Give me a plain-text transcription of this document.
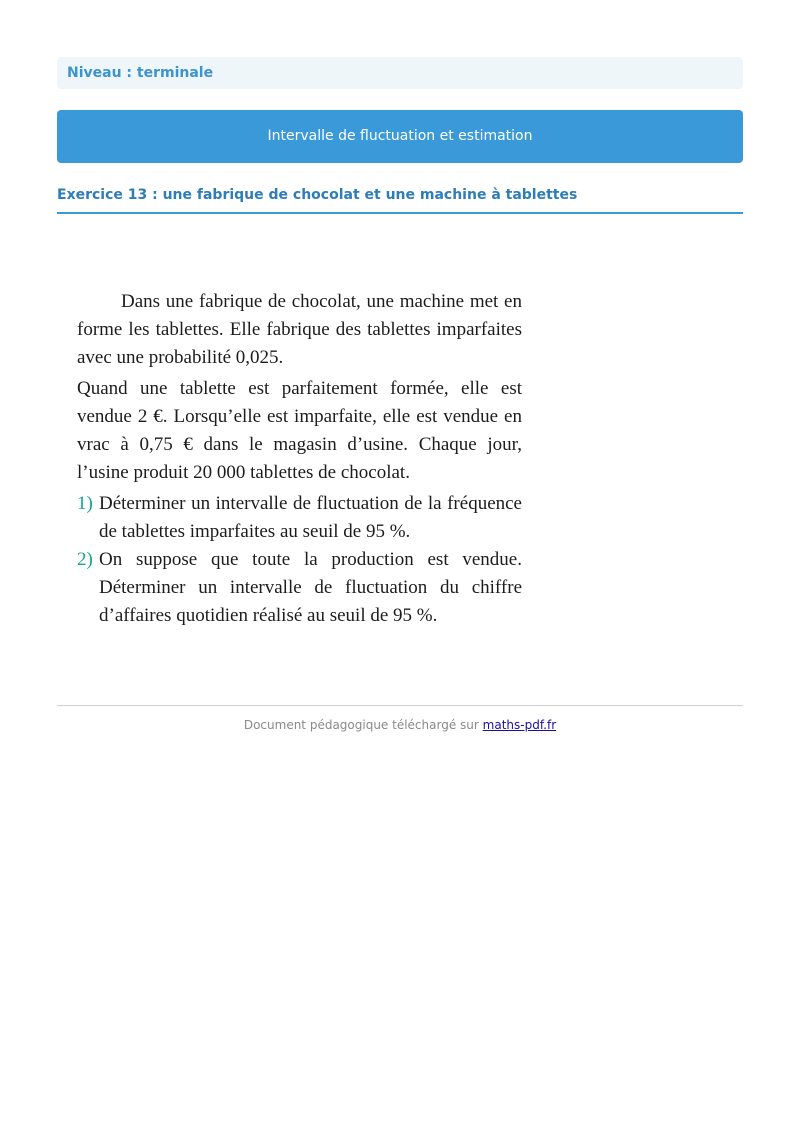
Niveau : terminale
Intervalle de fluctuation et estimation
Exercice 13 : une fabrique de chocolat et une machine à tablettes

Dans une fabrique de chocolat, une machine met en forme les tablettes. Elle fabrique des tablettes imparfaites avec une probabilité 0,025.

Quand une tablette est parfaitement formée, elle est vendue 2 €. Lorsqu’elle est imparfaite, elle est vendue en vrac à 0,75 € dans le magasin d’usine. Chaque jour, l’usine produit 20 000 tablettes de chocolat.

1) Déterminer un intervalle de fluctuation de la fréquence de tablettes imparfaites au seuil de 95 %.
2) On suppose que toute la production est vendue. Déterminer un intervalle de fluctuation du chiffre d’affaires quotidien réalisé au seuil de 95 %.
Document pédagogique téléchargé sur maths-pdf.fr
